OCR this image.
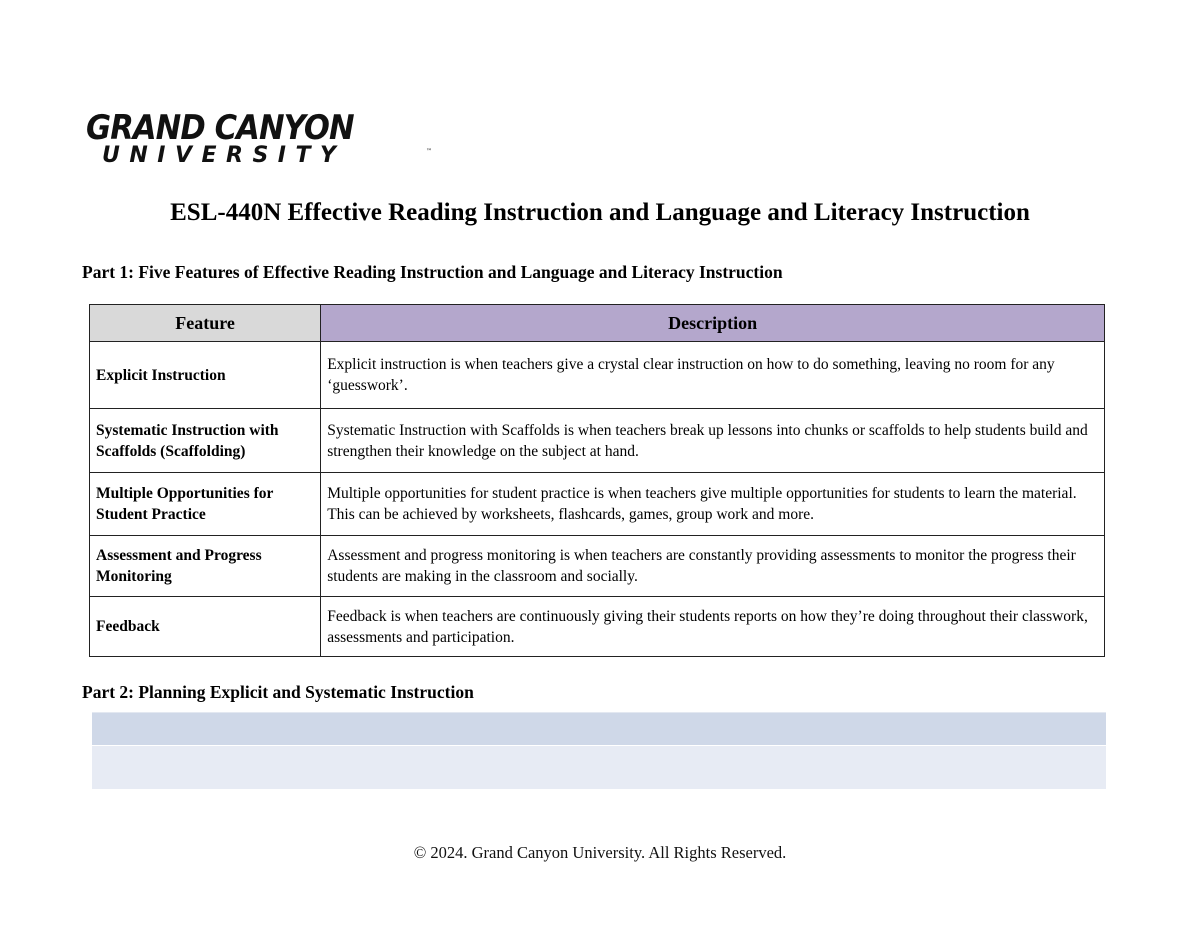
GRAND CANYON
UNIVERSITY	™
ESL-440N Effective Reading Instruction and Language and Literacy Instruction
Part 1: Five Features of Effective Reading Instruction and Language and Literacy Instruction
Feature	Description
Explicit Instruction	Explicit instruction is when teachers give a crystal clear instruction on how to do something, leaving no room for any ‘guesswork’.
Systematic Instruction with Scaffolds (Scaffolding)	Systematic Instruction with Scaffolds is when teachers break up lessons into chunks or scaffolds to help students build and strengthen their knowledge on the subject at hand.
Multiple Opportunities for Student Practice	Multiple opportunities for student practice is when teachers give multiple opportunities for students to learn the material. This can be achieved by worksheets, flashcards, games, group work and more.
Assessment and Progress Monitoring	Assessment and progress monitoring is when teachers are constantly providing assessments to monitor the progress their students are making in the classroom and socially.
Feedback	Feedback is when teachers are continuously giving their students reports on how they’re doing throughout their classwork, assessments and participation.
Part 2: Planning Explicit and Systematic Instruction
© 2024. Grand Canyon University. All Rights Reserved.
